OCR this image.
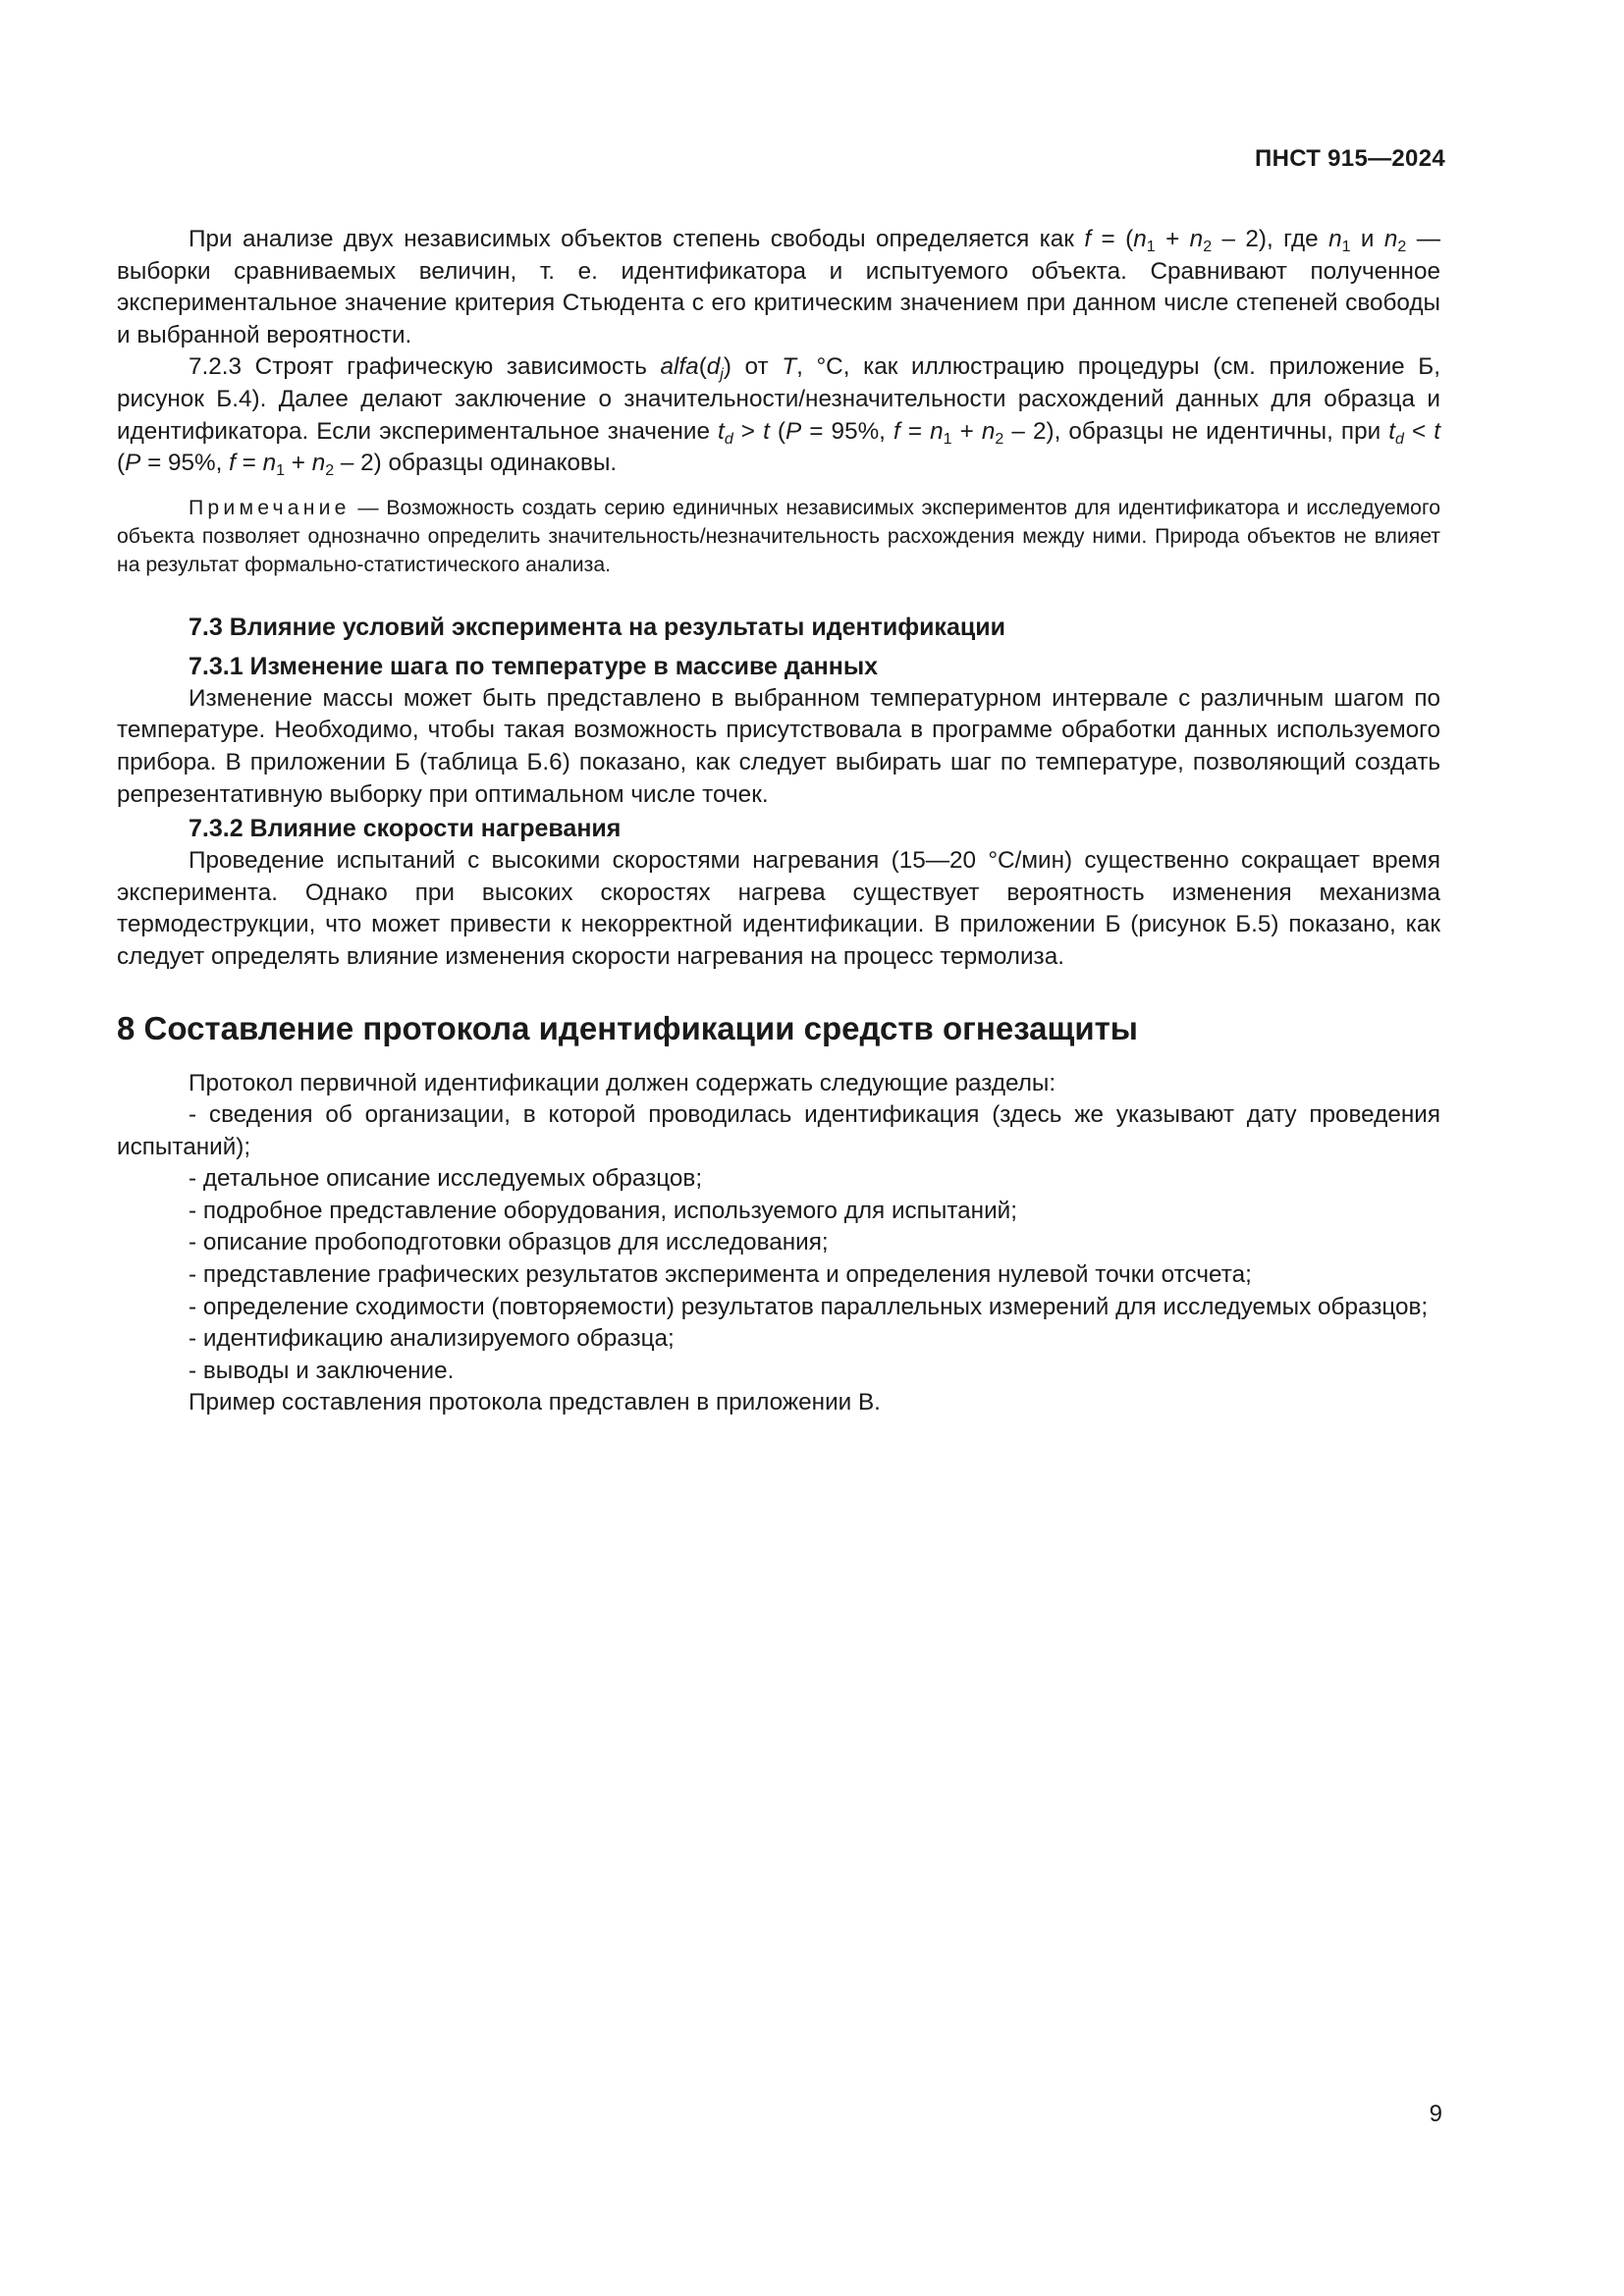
ПНСТ 915—2024

При анализе двух независимых объектов степень свободы определяется как $f = (n_1 + n_2 - 2)$, где $n_1$ и $n_2$ — выборки сравниваемых величин, т. е. идентификатора и испытуемого объекта. Сравнивают полученное экспериментальное значение критерия Стьюдента с его критическим значением при данном числе степеней свободы и выбранной вероятности.

7.2.3 Строят графическую зависимость $alfa(d_j)$ от T, °C, как иллюстрацию процедуры (см. приложение Б, рисунок Б.4). Далее делают заключение о значительности/незначительности расхождений данных для образца и идентификатора. Если экспериментальное значение $t_d > t$ (P = 95%, $f = n_1 + n_2 - 2$), образцы не идентичны, при $t_d < t$ (P = 95%, $f = n_1 + n_2 - 2$) образцы одинаковы.

Примечание — Возможность создать серию единичных независимых экспериментов для идентификатора и исследуемого объекта позволяет однозначно определить значительность/незначительность расхождения между ними. Природа объектов не влияет на результат формально-статистического анализа.

7.3 Влияние условий эксперимента на результаты идентификации
7.3.1 Изменение шага по температуре в массиве данных

Изменение массы может быть представлено в выбранном температурном интервале с различным шагом по температуре. Необходимо, чтобы такая возможность присутствовала в программе обработки данных используемого прибора. В приложении Б (таблица Б.6) показано, как следует выбирать шаг по температуре, позволяющий создать репрезентативную выборку при оптимальном числе точек.

7.3.2 Влияние скорости нагревания

Проведение испытаний с высокими скоростями нагревания (15—20 °С/мин) существенно сокращает время эксперимента. Однако при высоких скоростях нагрева существует вероятность изменения механизма термодеструкции, что может привести к некорректной идентификации. В приложении Б (рисунок Б.5) показано, как следует определять влияние изменения скорости нагревания на процесс термолиза.

8 Составление протокола идентификации средств огнезащиты

Протокол первичной идентификации должен содержать следующие разделы:

- сведения об организации, в которой проводилась идентификация (здесь же указывают дату проведения испытаний);
- детальное описание исследуемых образцов;
- подробное представление оборудования, используемого для испытаний;
- описание пробоподготовки образцов для исследования;
- представление графических результатов эксперимента и определения нулевой точки отсчета;
- определение сходимости (повторяемости) результатов параллельных измерений для исследуемых образцов;
- идентификацию анализируемого образца;
- выводы и заключение.

Пример составления протокола представлен в приложении В.

9
